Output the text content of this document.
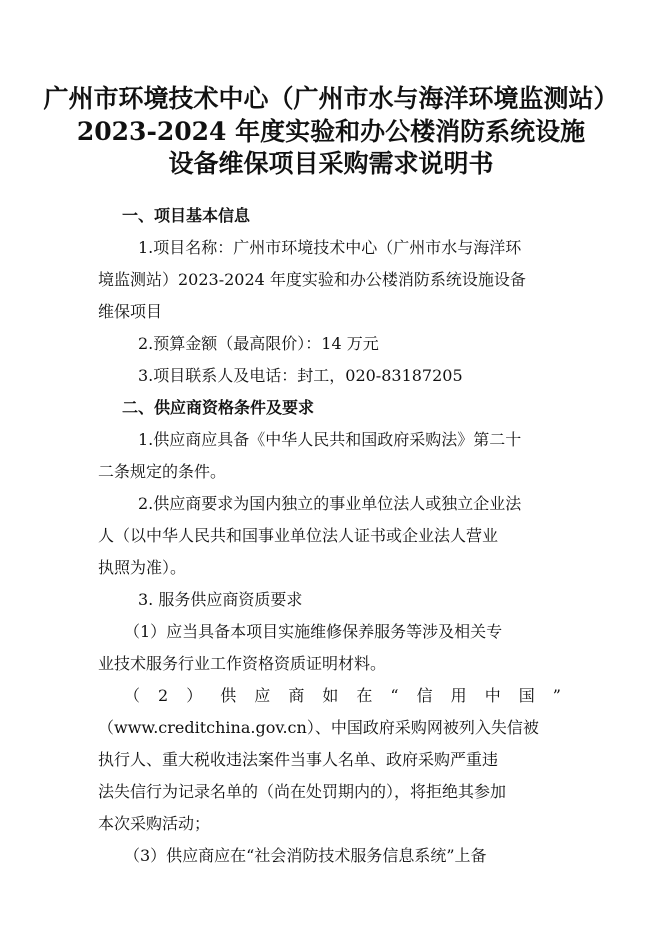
广州市环境技术中心（广州市水与海洋环境监测站）
2023-2024 年度实验和办公楼消防系统设施
设备维保项目采购需求说明书
一、项目基本信息
1.项目名称：广州市环境技术中心（广州市水与海洋环
境监测站）2023-2024 年度实验和办公楼消防系统设施设备
维保项目
2.预算金额（最高限价）：14 万元
3.项目联系人及电话：封工，020-83187205
二、供应商资格条件及要求
1.供应商应具备《中华人民共和国政府采购法》第二十
二条规定的条件。
2.供应商要求为国内独立的事业单位法人或独立企业法
人（以中华人民共和国事业单位法人证书或企业法人营业
执照为准）。
3. 服务供应商资质要求
（1）应当具备本项目实施维修保养服务等涉及相关专
业技术服务行业工作资格资质证明材料。
（ 2 ） 供 应 商 如 在 “ 信 用 中 国 ”
（www.creditchina.gov.cn）、中国政府采购网被列入失信被
执行人、重大税收违法案件当事人名单、政府采购严重违
法失信行为记录名单的（尚在处罚期内的），将拒绝其参加
本次采购活动；
（3）供应商应在“社会消防技术服务信息系统”上备
